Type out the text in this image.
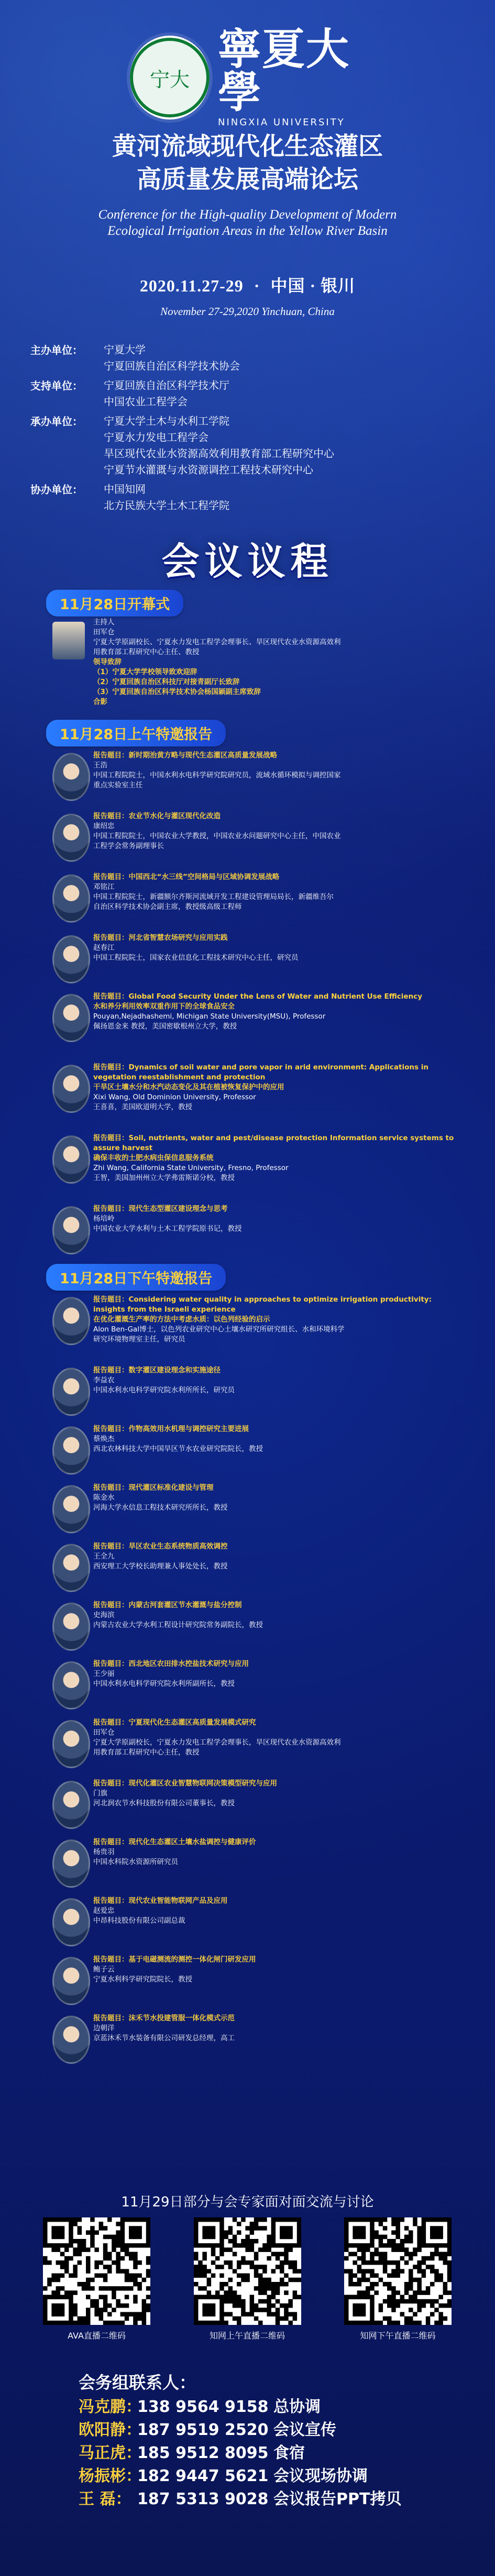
宁大
寧夏大學
NINGXIA UNIVERSITY
黄河流域现代化生态灌区
高质量发展高端论坛
Conference for the High-quality Development of Modern
Ecological Irrigation Areas in the Yellow River Basin
2020.11.27-29 · 中国 · 银川
November 27-29,2020 Yinchuan, China
主办单位：	宁夏大学
宁夏回族自治区科学技术协会
支持单位：	宁夏回族自治区科学技术厅
中国农业工程学会
承办单位：	宁夏大学土木与水利工学院
宁夏水力发电工程学会
旱区现代农业水资源高效利用教育部工程研究中心
宁夏节水灌溉与水资源调控工程技术研究中心
协办单位：	中国知网
北方民族大学土木工程学院
会议议程
11月28日开幕式
主持人
田军仓
宁夏大学原副校长、宁夏水力发电工程学会理事长、旱区现代农业水资源高效利
用教育部工程研究中心主任、教授
领导致辞
（1）宁夏大学学校领导致欢迎辞
（2）宁夏回族自治区科技厅对接青副厅长致辞
（3）宁夏回族自治区科学技术协会杨国颖副主席致辞
合影
11月28日上午特邀报告
报告题目：新时期治黄方略与现代生态灌区高质量发展战略
王浩
中国工程院院士，中国水利水电科学研究院研究员，流域水循环模拟与调控国家
重点实验室主任
报告题目：农业节水化与灌区现代化改造
康绍忠
中国工程院院士，中国农业大学教授，中国农业水问题研究中心主任，中国农业
工程学会常务副理事长
报告题目：中国西北“水三线”空间格局与区域协调发展战略
邓铭江
中国工程院院士，新疆额尔齐斯河流域开发工程建设管理局局长，新疆维吾尔
自治区科学技术协会副主席，教授级高级工程师
报告题目：河北省智慧农场研究与应用实践
赵春江
中国工程院院士，国家农业信息化工程技术研究中心主任，研究员
报告题目：Global Food Security Under the Lens of Water and Nutrient Use Efficiency
水和养分利用效率双重作用下的全球食品安全
Pouyan,Nejadhashemi, Michigan State University(MSU), Professor
佩扬恩金来 教授，美国密歇根州立大学，教授
报告题目：Dynamics of soil water and pore vapor in arid environment: Applications in vegetation reestablishment and protection
干旱区土壤水分和水汽动态变化及其在植被恢复保护中的应用
Xixi Wang, Old Dominion University, Professor
王喜喜，美国欧道明大学，教授
报告题目：Soil, nutrients, water and pest/disease protection Information service systems to assure harvest
确保丰收的土肥水病虫保信息服务系统
Zhi Wang, California State University, Fresno, Professor
王智，美国加州州立大学弗雷斯诺分校，教授
报告题目：现代生态型灌区建设理念与思考
杨培岭
中国农业大学水利与土木工程学院原书记，教授
11月28日下午特邀报告
报告题目：Considering water quality in approaches to optimize irrigation productivity: insights from the Israeli experience
在优化灌溉生产率的方法中考虑水质：以色列经验的启示
Alon Ben-Gal博士，以色列农业研究中心土壤水研究所研究组长、水和环境科学
研究环境物理室主任，研究员
报告题目：数字灌区建设理念和实施途径
李益农
中国水利水电科学研究院水利所所长，研究员
报告题目：作物高效用水机理与调控研究主要进展
蔡焕杰
西北农林科技大学中国旱区节水农业研究院院长，教授
报告题目：现代灌区标准化建设与管理
陈金水
河海大学水信息工程技术研究所所长，教授
报告题目：旱区农业生态系统物质高效调控
王全九
西安理工大学校长助理兼人事处处长，教授
报告题目：内蒙古河套灌区节水灌溉与盐分控制
史海滨
内蒙古农业大学水利工程设计研究院常务副院长，教授
报告题目：西北地区农田排水控盐技术研究与应用
王少丽
中国水利水电科学研究院水利所副所长，教授
报告题目：宁夏现代化生态灌区高质量发展模式研究
田军仓
宁夏大学原副校长，宁夏水力发电工程学会理事长，旱区现代农业水资源高效利
用教育部工程研究中心主任，教授
报告题目：现代化灌区农业智慧物联网决策模型研究与应用
门旗
河北润农节水科技股份有限公司董事长，教授
报告题目：现代化生态灌区土壤水盐调控与健康评价
杨贵羽
中国水科院水资源所研究员
报告题目：现代农业智能物联网产品及应用
赵爱忠
中昂科技股份有限公司副总裁
报告题目：基于电磁测流的测控一体化闸门研发应用
鲍子云
宁夏水利科学研究院院长，教授
报告题目：沫禾节水投建管服一体化模式示范
边朝洋
京蓝沐禾节水装备有限公司研发总经理，高工
11月29日部分与会专家面对面交流与讨论
AVA直播二维码	知网上午直播二维码	知网下午直播二维码
会务组联系人：
冯克鹏：138 9564 9158 总协调
欧阳静：187 9519 2520 会议宣传
马正虎：185 9512 8095 食宿
杨振彬：182 9447 5621 会议现场协调
王 磊： 187 5313 9028 会议报告PPT拷贝
